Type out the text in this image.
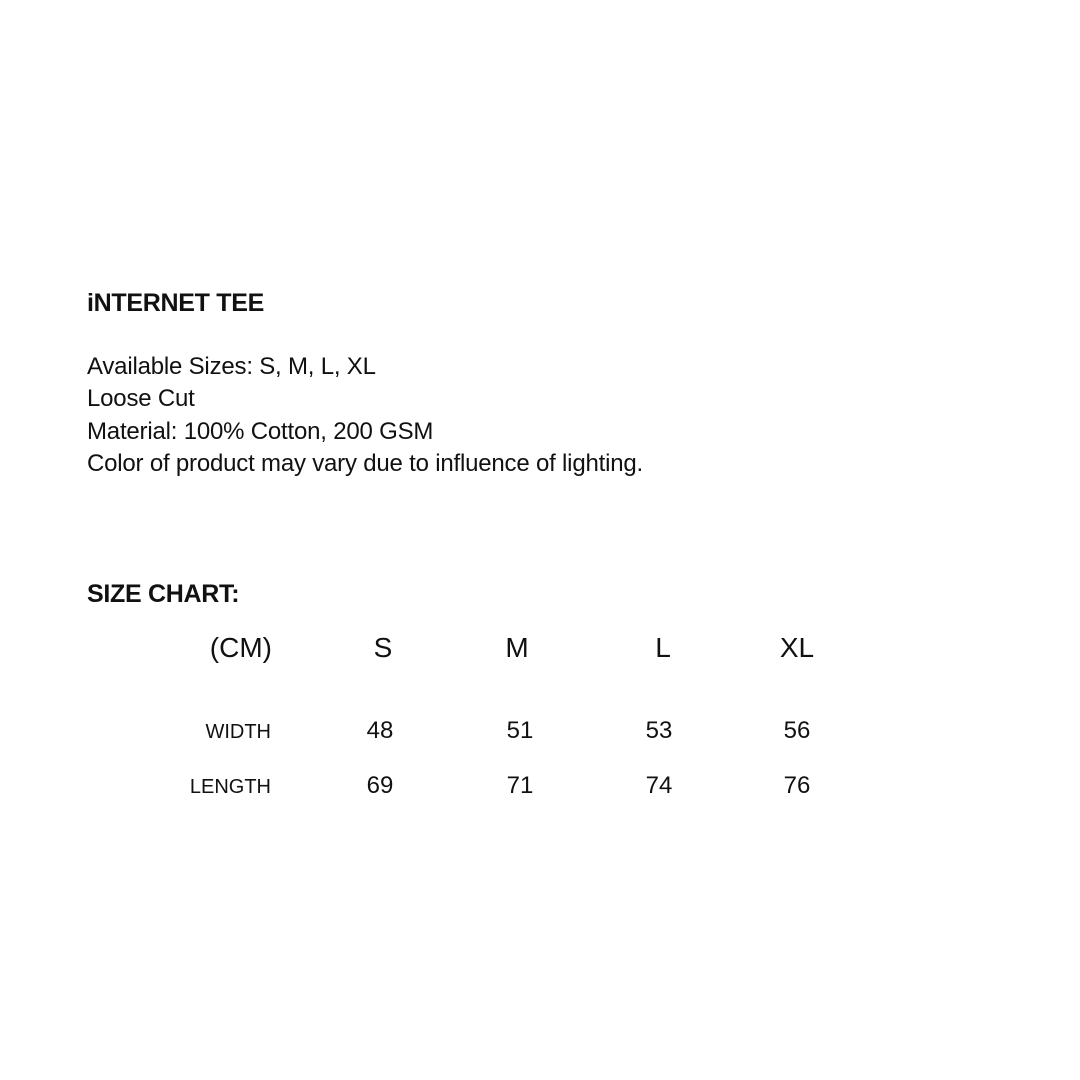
iNTERNET TEE
Available Sizes: S, M, L, XL
Loose Cut
Material: 100% Cotton, 200 GSM
Color of product may vary due to influence of lighting.
SIZE CHART:
(CM)	S	M	L	XL
WIDTH	48	51	53	56
LENGTH	69	71	74	76
